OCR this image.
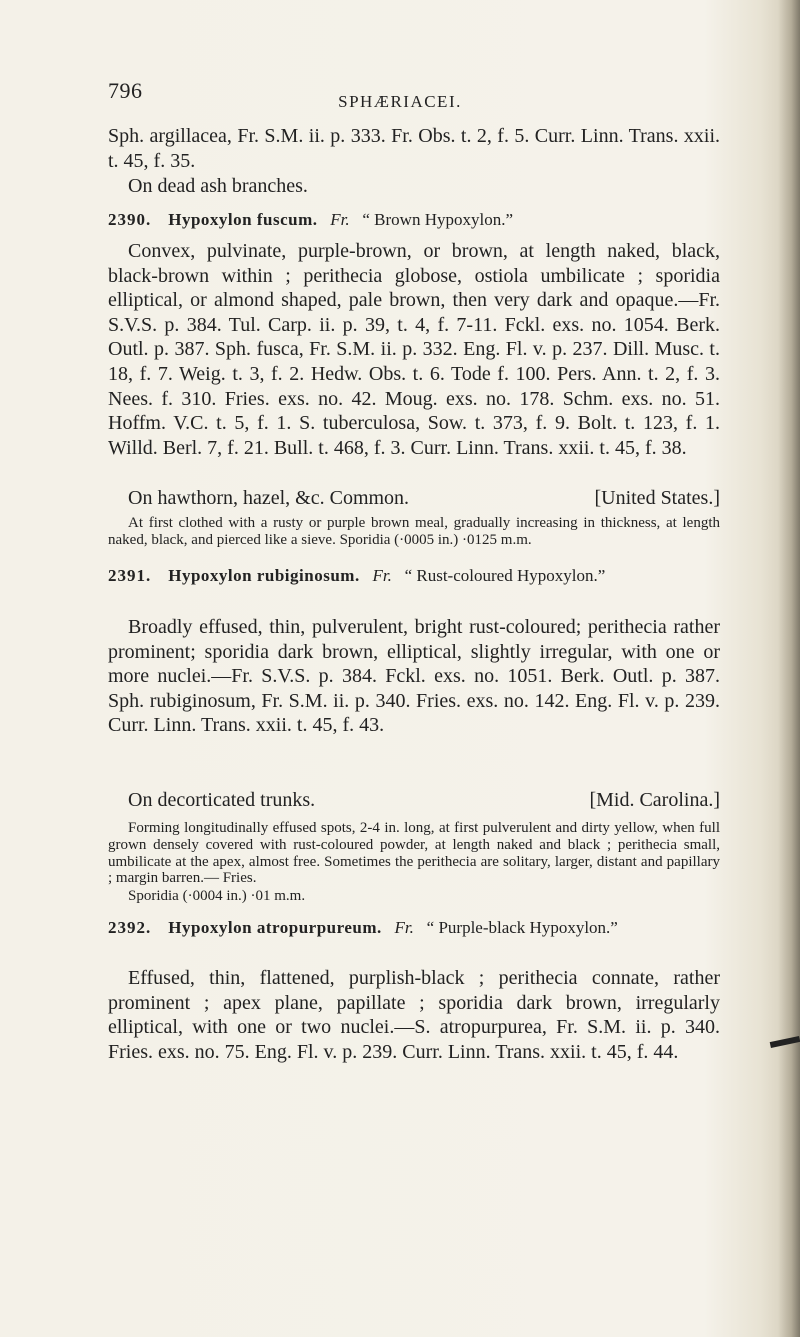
796	SPHÆRIACEI.

Sph. argillacea, Fr. S.M. ii. p. 333. Fr. Obs. t. 2, f. 5. Curr. Linn. Trans. xxii. t. 45, f. 35.

On dead ash branches.

2390. Hypoxylon fuscum. Fr. “ Brown Hypoxylon.”

Convex, pulvinate, purple-brown, or brown, at length naked, black, black-brown within ; perithecia globose, ostiola umbilicate ; sporidia elliptical, or almond shaped, pale brown, then very dark and opaque.—Fr. S.V.S. p. 384. Tul. Carp. ii. p. 39, t. 4, f. 7-11. Fckl. exs. no. 1054. Berk. Outl. p. 387. Sph. fusca, Fr. S.M. ii. p. 332. Eng. Fl. v. p. 237. Dill. Musc. t. 18, f. 7. Weig. t. 3, f. 2. Hedw. Obs. t. 6. Tode f. 100. Pers. Ann. t. 2, f. 3. Nees. f. 310. Fries. exs. no. 42. Moug. exs. no. 178. Schm. exs. no. 51. Hoffm. V.C. t. 5, f. 1. S. tuberculosa, Sow. t. 373, f. 9. Bolt. t. 123, f. 1. Willd. Berl. 7, f. 21. Bull. t. 468, f. 3. Curr. Linn. Trans. xxii. t. 45, f. 38.

On hawthorn, hazel, &c. Common.	[United States.]

At first clothed with a rusty or purple brown meal, gradually increasing in thickness, at length naked, black, and pierced like a sieve. Sporidia (·0005 in.) ·0125 m.m.

2391. Hypoxylon rubiginosum. Fr. “ Rust-coloured Hypoxylon.”

Broadly effused, thin, pulverulent, bright rust-coloured; perithecia rather prominent; sporidia dark brown, elliptical, slightly irregular, with one or more nuclei.—Fr. S.V.S. p. 384. Fckl. exs. no. 1051. Berk. Outl. p. 387. Sph. rubiginosum, Fr. S.M. ii. p. 340. Fries. exs. no. 142. Eng. Fl. v. p. 239. Curr. Linn. Trans. xxii. t. 45, f. 43.

On decorticated trunks.	[Mid. Carolina.]

Forming longitudinally effused spots, 2-4 in. long, at first pulverulent and dirty yellow, when full grown densely covered with rust-coloured powder, at length naked and black ; perithecia small, umbilicate at the apex, almost free. Sometimes the perithecia are solitary, larger, distant and papillary ; margin barren.— Fries.

Sporidia (·0004 in.) ·01 m.m.

2392. Hypoxylon atropurpureum. Fr. “ Purple-black Hypoxylon.”

Effused, thin, flattened, purplish-black ; perithecia connate, rather prominent ; apex plane, papillate ; sporidia dark brown, irregularly elliptical, with one or two nuclei.—S. atropurpurea, Fr. S.M. ii. p. 340. Fries. exs. no. 75. Eng. Fl. v. p. 239. Curr. Linn. Trans. xxii. t. 45, f. 44.
